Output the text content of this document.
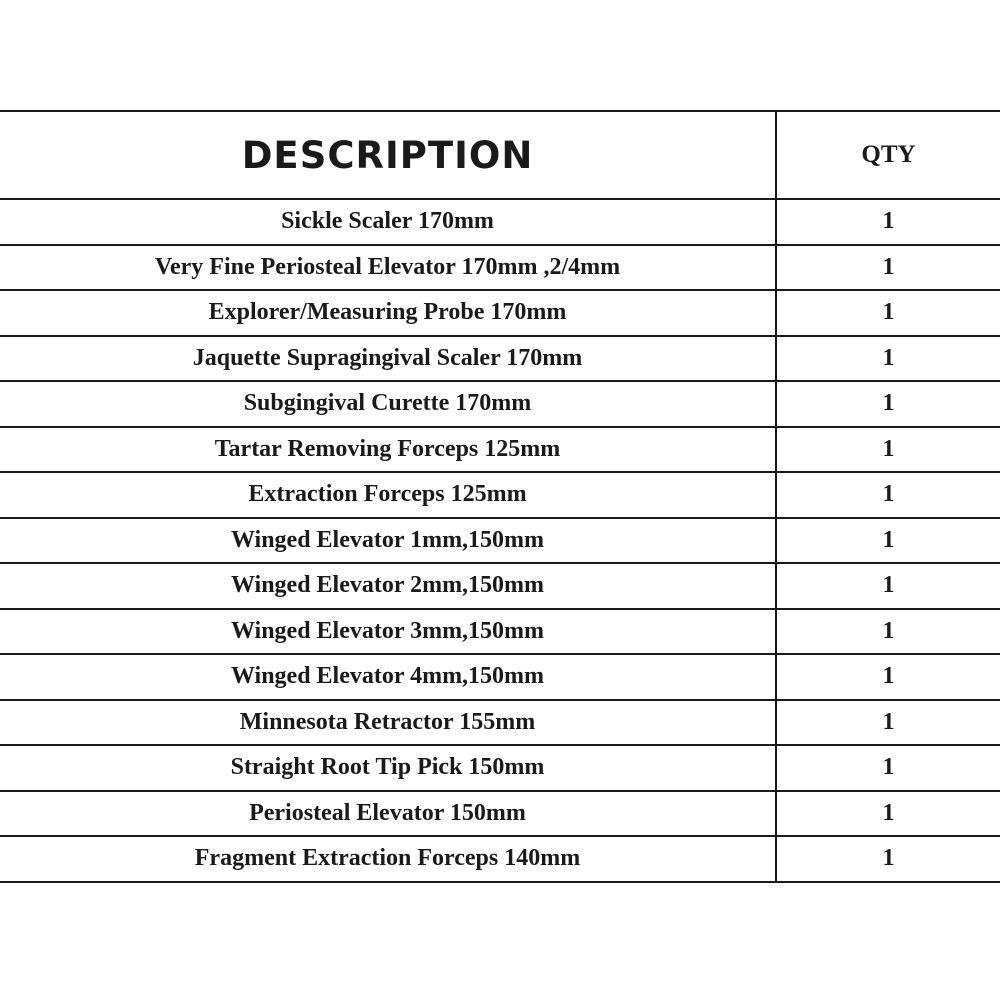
DESCRIPTION	QTY
Sickle Scaler 170mm	1
Very Fine Periosteal Elevator 170mm ,2/4mm	1
Explorer/Measuring Probe 170mm	1
Jaquette Supragingival Scaler 170mm	1
Subgingival Curette 170mm	1
Tartar Removing Forceps 125mm	1
Extraction Forceps 125mm	1
Winged Elevator 1mm,150mm	1
Winged Elevator 2mm,150mm	1
Winged Elevator 3mm,150mm	1
Winged Elevator 4mm,150mm	1
Minnesota Retractor 155mm	1
Straight Root Tip Pick 150mm	1
Periosteal Elevator 150mm	1
Fragment Extraction Forceps 140mm	1
